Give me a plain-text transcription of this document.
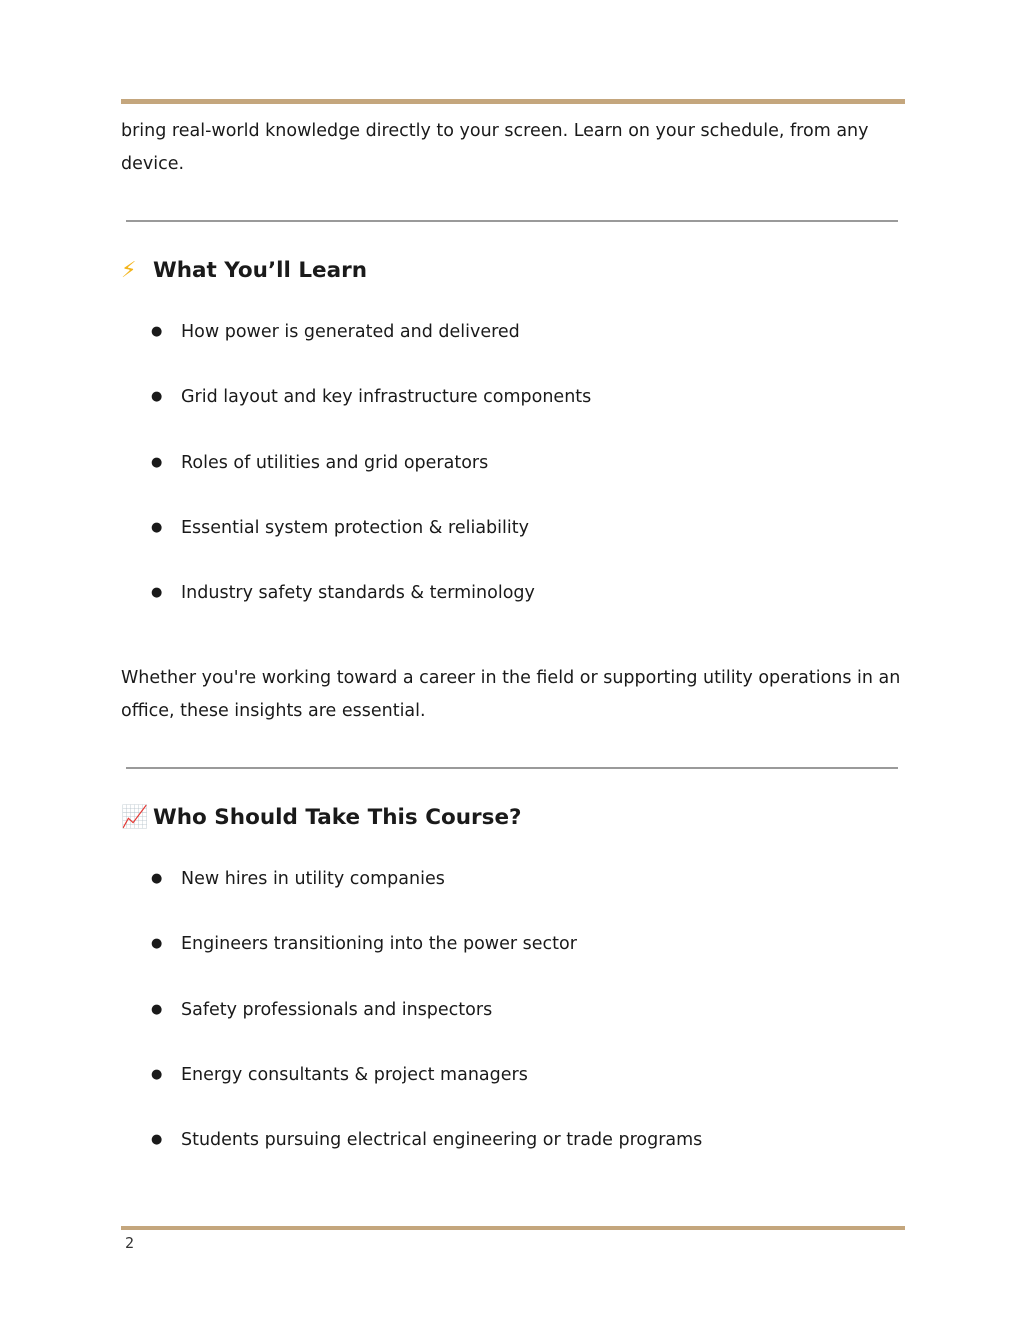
bring real-world knowledge directly to your screen. Learn on your schedule, from any
device.

⚡ What You’ll Learn
● How power is generated and delivered
● Grid layout and key infrastructure components
● Roles of utilities and grid operators
● Essential system protection & reliability
● Industry safety standards & terminology

Whether you're working toward a career in the field or supporting utility operations in an
office, these insights are essential.

📈 Who Should Take This Course?
● New hires in utility companies
● Engineers transitioning into the power sector
● Safety professionals and inspectors
● Energy consultants & project managers
● Students pursuing electrical engineering or trade programs
2
